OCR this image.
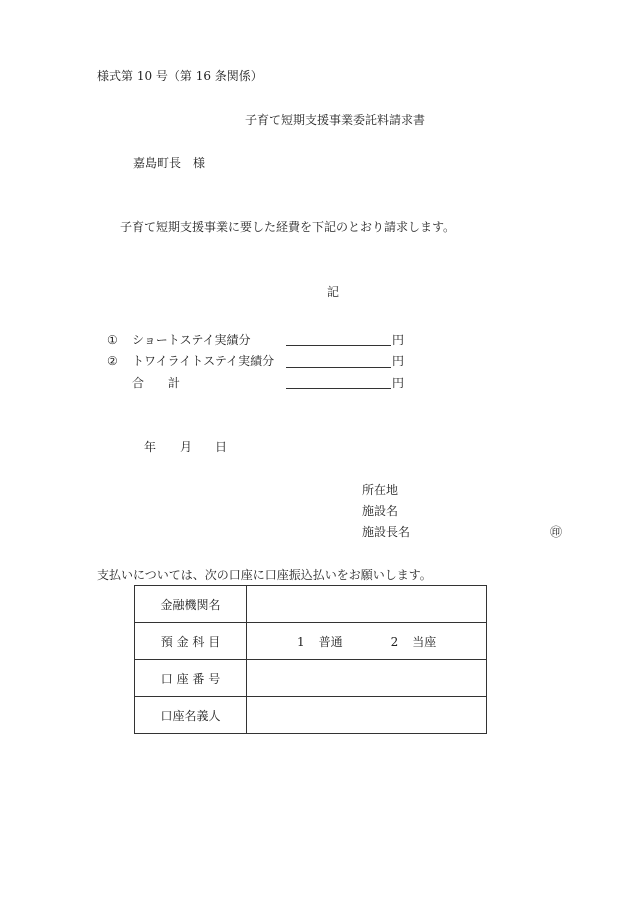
様式第 10 号（第 16 条関係）
子育て短期支援事業委託料請求書
嘉島町長　様
子育て短期支援事業に要した経費を下記のとおり請求します。
記
① ショートステイ実績分	円
② トワイライトステイ実績分	円
合　　計	円
年 月 日
所在地
施設名
施設長名	㊞
支払いについては、次の口座に口座振込払いをお願いします。
金融機関名	
預 金 科 目	1 普通 2 当座

口 座 番 号	
口座名義人	
